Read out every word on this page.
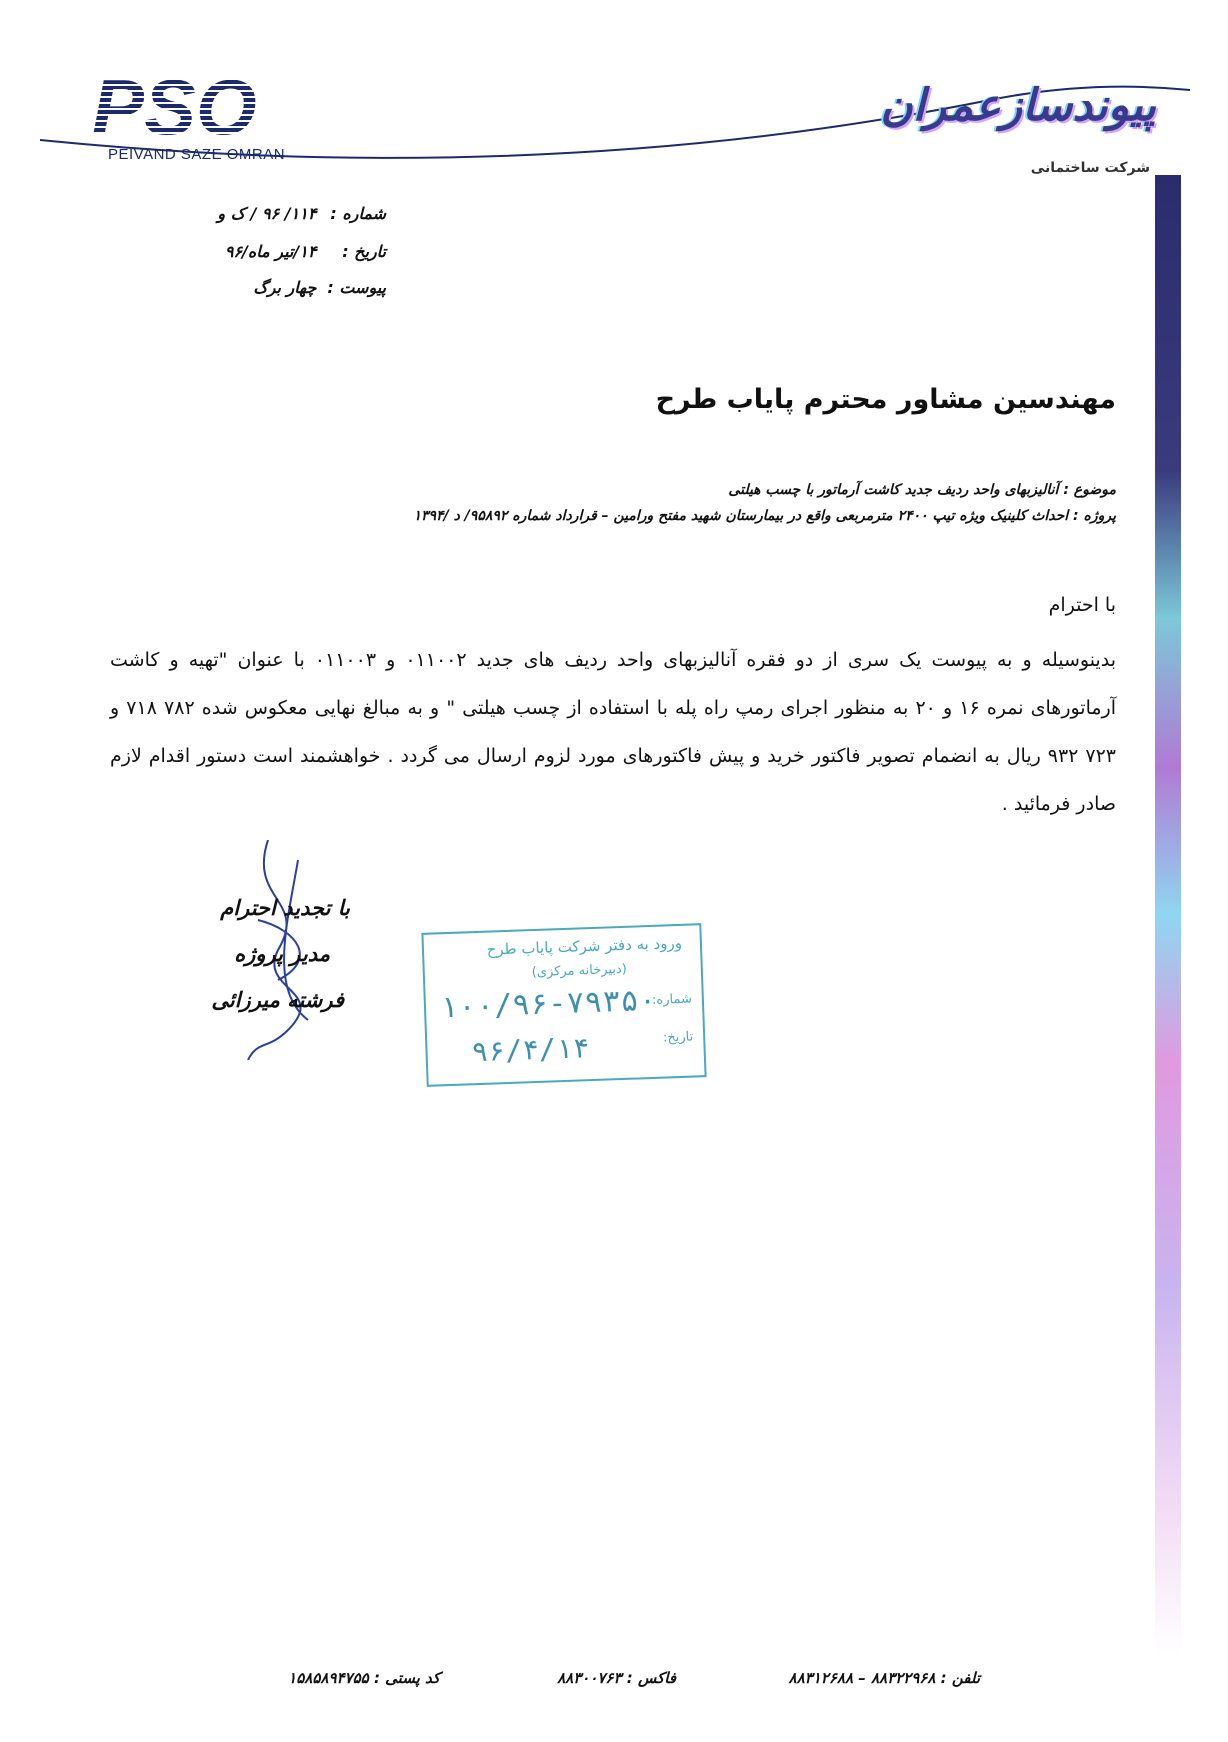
PSO
PEIVAND SAZE OMRAN
پیوندسازعمران
شرکت ساختمانی
شماره : ۱۱۴/ ۹۶ / ک و
تاریخ : ۱۴/تیر ماه/۹۶
پیوست : چهار برگ
مهندسین مشاور محترم پایاب طرح
موضوع : آنالیزبهای واحد ردیف جدید کاشت آرماتور با چسب هیلتی
پروژه : احداث کلینیک ویژه تیپ ۲۴۰۰ مترمربعی واقع در بیمارستان شهید مفتح ورامین – قرارداد شماره ۹۵۸۹۲/ د /۱۳۹۴
با احترام
بدینوسیله و به پیوست یک سری از دو فقره آنالیزبهای واحد ردیف های جدید ۰۱۱۰۰۲ و ۰۱۱۰۰۳ با عنوان "تهیه و کاشت آرماتورهای نمره ۱۶ و ۲۰ به منظور اجرای رمپ راه پله با استفاده از چسب هیلتی " و به مبالغ نهایی معکوس شده ۷۸۲ ۷۱۸ و ۷۲۳ ۹۳۲ ریال به انضمام تصویر فاکتور خرید و پیش فاکتورهای مورد لزوم ارسال می گردد . خواهشمند است دستور اقدام لازم صادر فرمائید .
با تجدید احترام
مدیر پروژه
فرشته میرزائی
ورود به دفتر شرکت پایاب طرح
(دبیرخانه مرکزی)
شماره:
۱۰۰/۹۶-۷۹۳۵۰
تاریخ:
۹۶/۴/۱۴
تلفن : ۸۸۳۲۲۹۶۸ – ۸۸۳۱۲۶۸۸
فاکس : ۸۸۳۰۰۷۶۳
کد پستی : ۱۵۸۵۸۹۴۷۵۵
